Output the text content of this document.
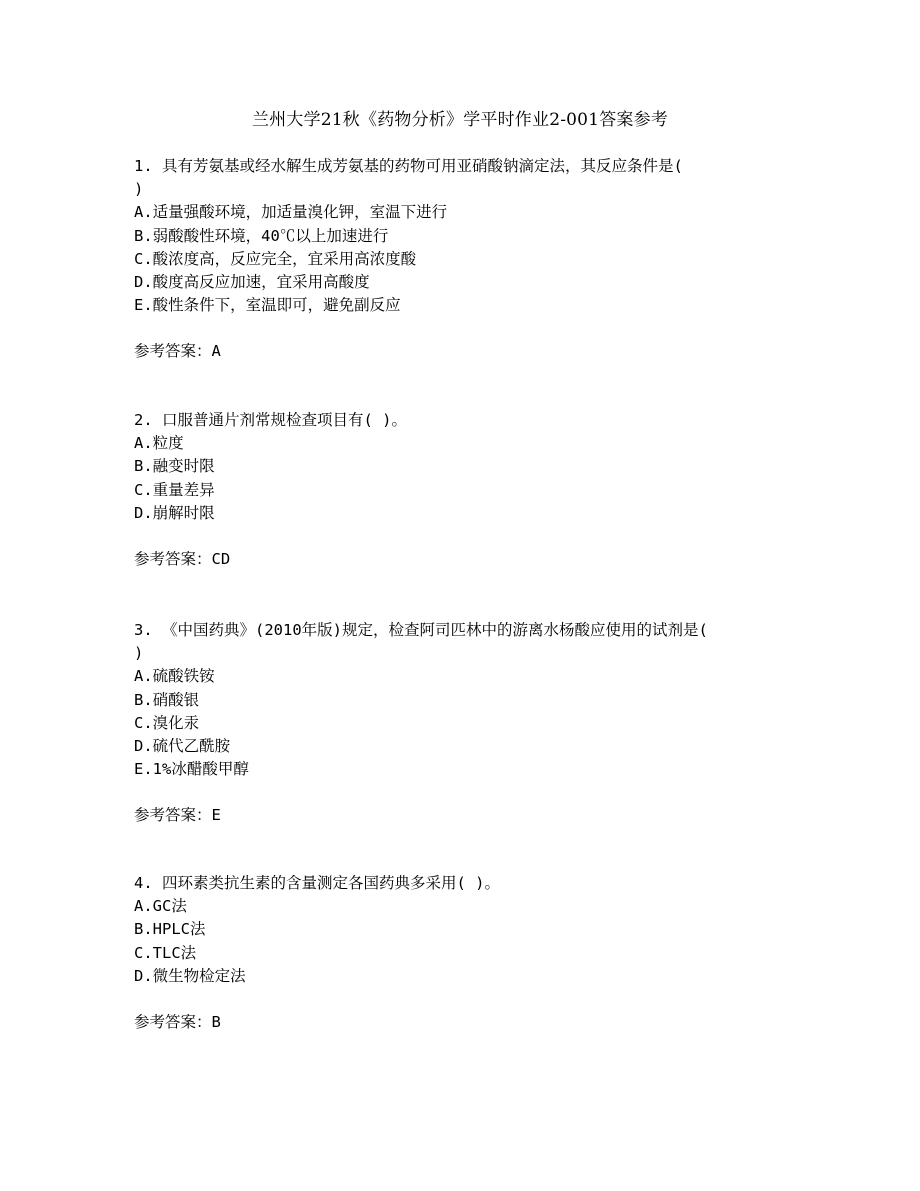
兰州大学21秋《药物分析》学平时作业2-001答案参考
1. 具有芳氨基或经水解生成芳氨基的药物可用亚硝酸钠滴定法，其反应条件是(
)
A.适量强酸环境，加适量溴化钾，室温下进行
B.弱酸酸性环境，40℃以上加速进行
C.酸浓度高，反应完全，宜采用高浓度酸
D.酸度高反应加速，宜采用高酸度
E.酸性条件下，室温即可，避免副反应
参考答案：A
2. 口服普通片剂常规检查项目有( )。
A.粒度
B.融变时限
C.重量差异
D.崩解时限
参考答案：CD
3. 《中国药典》(2010年版)规定，检查阿司匹林中的游离水杨酸应使用的试剂是(
)
A.硫酸铁铵
B.硝酸银
C.溴化汞
D.硫代乙酰胺
E.1%冰醋酸甲醇
参考答案：E
4. 四环素类抗生素的含量测定各国药典多采用( )。
A.GC法
B.HPLC法
C.TLC法
D.微生物检定法
参考答案：B
